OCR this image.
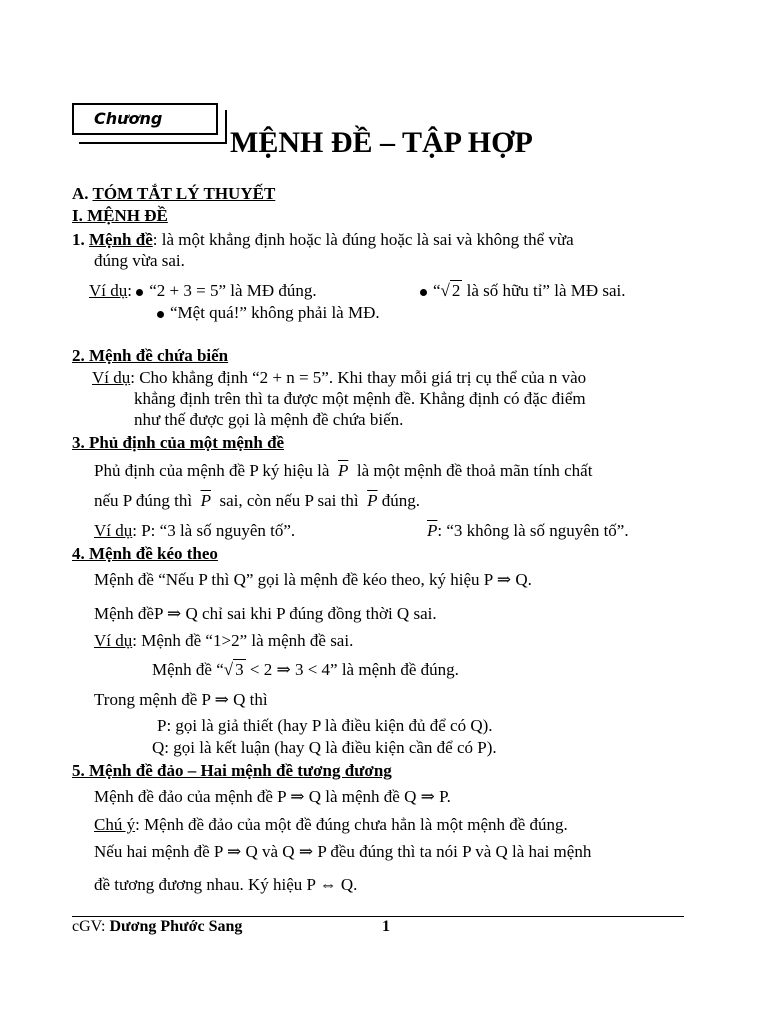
Chương
MỆNH ĐỀ – TẬP HỢP
A. TÓM TẮT LÝ THUYẾT
I. MỆNH ĐỀ
1. Mệnh đề: là một khẳng định hoặc là đúng hoặc là sai và không thể vừa
đúng vừa sai.
Ví dụ: “2 + 3 = 5” là MĐ đúng.	“√ 2 là số hữu tỉ” là MĐ sai.
“Mệt quá!” không phải là MĐ.
2. Mệnh đề chứa biến
Ví dụ: Cho khẳng định “2 + n = 5”. Khi thay mỗi giá trị cụ thể của n vào
khẳng định trên thì ta được một mệnh đề. Khẳng định có đặc điểm
như thế được gọi là mệnh đề chứa biến.
3. Phủ định của một mệnh đề
Phủ định của mệnh đề P ký hiệu là $\overline{P}$ là một mệnh đề thoả mãn tính chất
nếu P đúng thì $\overline{P}$ sai, còn nếu P sai thì $\overline{P}$ đúng.
Ví dụ: P: “3 là số nguyên tố”.	$\overline{P}$: “3 không là số nguyên tố”.
4. Mệnh đề kéo theo
Mệnh đề “Nếu P thì Q” gọi là mệnh đề kéo theo, ký hiệu P ⇒ Q.
Mệnh đềP ⇒ Q chỉ sai khi P đúng đồng thời Q sai.
Ví dụ: Mệnh đề “1>2” là mệnh đề sai.
Mệnh đề “√ 3 < 2 ⇒ 3 < 4” là mệnh đề đúng.
Trong mệnh đề P ⇒ Q thì
P: gọi là giả thiết (hay P là điều kiện đủ để có Q).
Q: gọi là kết luận (hay Q là điều kiện cần để có P).
5. Mệnh đề đảo – Hai mệnh đề tương đương
Mệnh đề đảo của mệnh đề P ⇒ Q là mệnh đề Q ⇒ P.
Chú ý: Mệnh đề đảo của một đề đúng chưa hẳn là một mệnh đề đúng.
Nếu hai mệnh đề P ⇒ Q và Q ⇒ P đều đúng thì ta nói P và Q là hai mệnh
đề tương đương nhau. Ký hiệu P ⇔ Q.
cGV: Dương Phước Sang	1
